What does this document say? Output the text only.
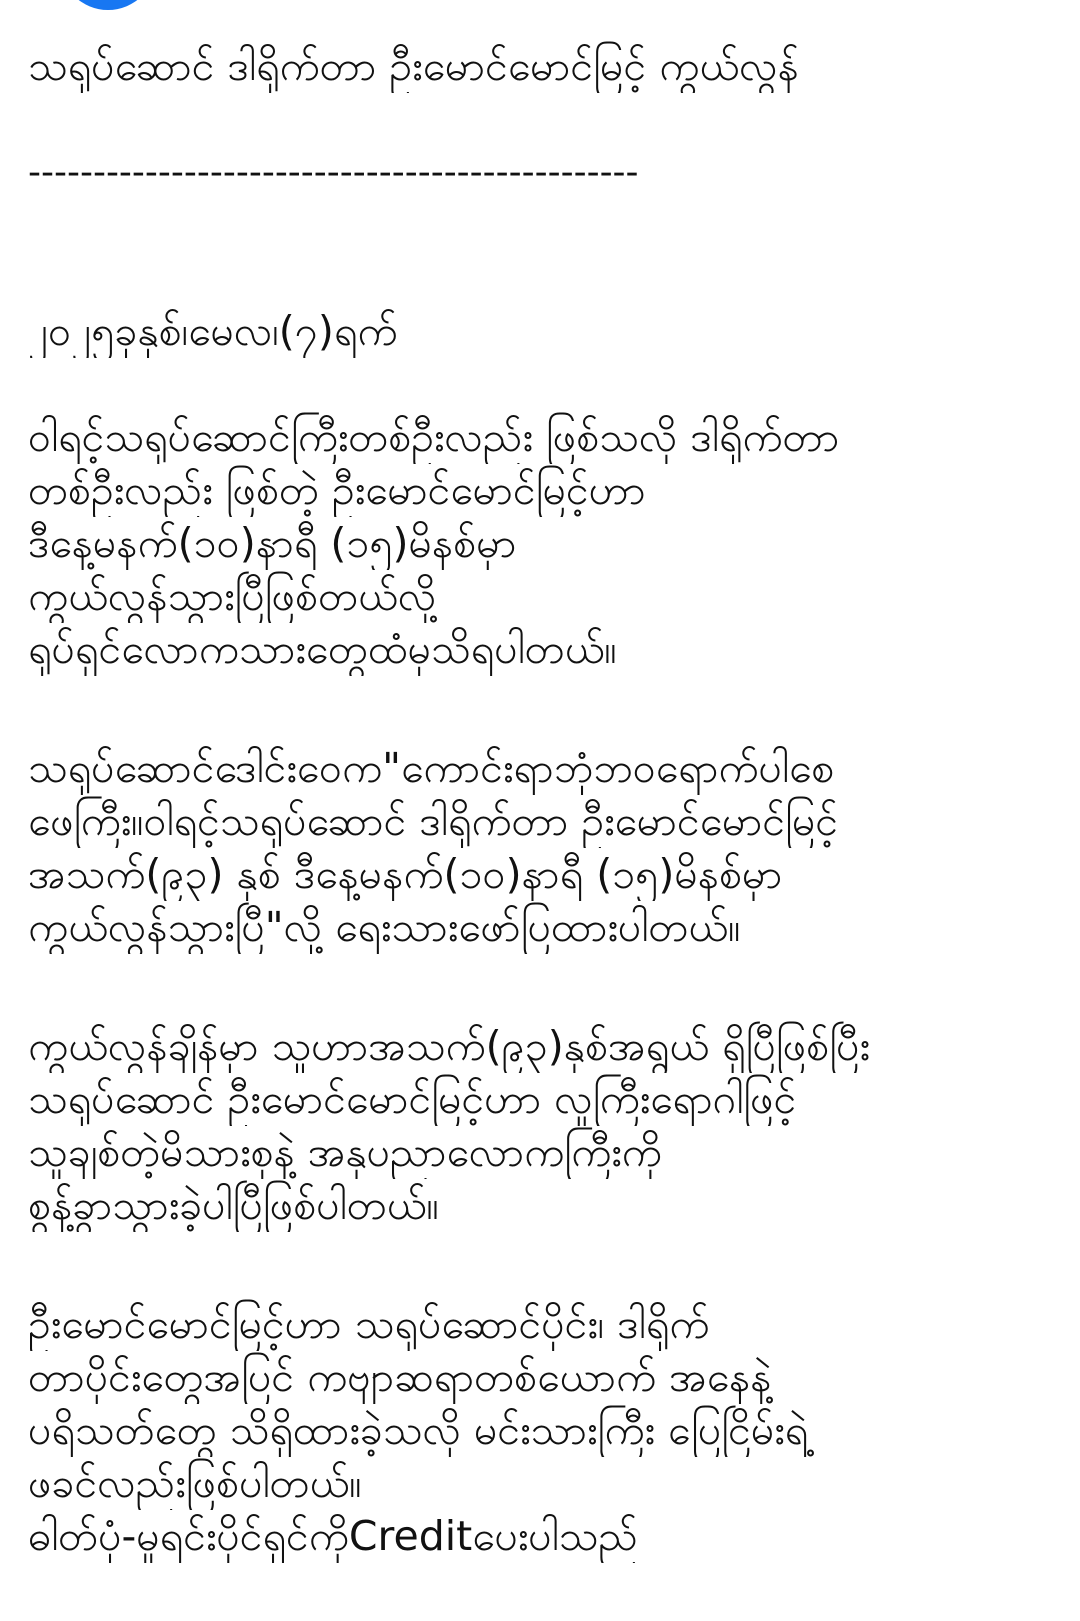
သရုပ်ဆောင် ဒါရိုက်တာ ဦးမောင်မောင်မြင့် ကွယ်လွန်
-----------------------------------------------
၂၀၂၅ခုနှစ်၊မေလ၊(၇)ရက်
ဝါရင့်သရုပ်ဆောင်ကြီးတစ်ဦးလည်း ဖြစ်သလို ဒါရိုက်တာ
တစ်ဦးလည်း ဖြစ်တဲ့ ဦးမောင်မောင်မြင့်ဟာ
ဒီနေ့မနက်(၁၀)နာရီ (၁၅)မိနစ်မှာ
ကွယ်လွန်သွားပြီဖြစ်တယ်လို့
ရုပ်ရှင်လောကသားတွေထံမှသိရပါတယ်။
သရုပ်ဆောင်ဒေါင်းဝေက"ကောင်းရာဘုံဘဝရောက်ပါစေ
ဖေကြီး။ဝါရင့်သရုပ်ဆောင် ဒါရိုက်တာ ဦးမောင်မောင်မြင့်
အသက်(၉၃) နှစ် ဒီနေ့မနက်(၁၀)နာရီ (၁၅)မိနစ်မှာ
ကွယ်လွန်သွားပြီ"လို့ ရေးသားဖော်ပြထားပါတယ်။
ကွယ်လွန်ချိန်မှာ သူဟာအသက်(၉၃)နှစ်အရွယ် ရှိပြီဖြစ်ပြီး
သရုပ်ဆောင် ဦးမောင်မောင်မြင့်ဟာ လူကြီးရောဂါဖြင့်
သူချစ်တဲ့မိသားစုနဲ့ အနုပညာလောကကြီးကို
စွန့်ခွာသွားခဲ့ပါပြီဖြစ်ပါတယ်။
ဦးမောင်မောင်မြင့်ဟာ သရုပ်ဆောင်ပိုင်း၊ ဒါရိုက်
တာပိုင်းတွေအပြင် ကဗျာဆရာတစ်ယောက် အနေနဲ့
ပရိသတ်တွေ သိရှိထားခဲ့သလို မင်းသားကြီး ပြေငြိမ်းရဲ့
ဖခင်လည်းဖြစ်ပါတယ်။
ဓါတ်ပုံ-မူရင်းပိုင်ရှင်ကိုCreditပေးပါသည်
